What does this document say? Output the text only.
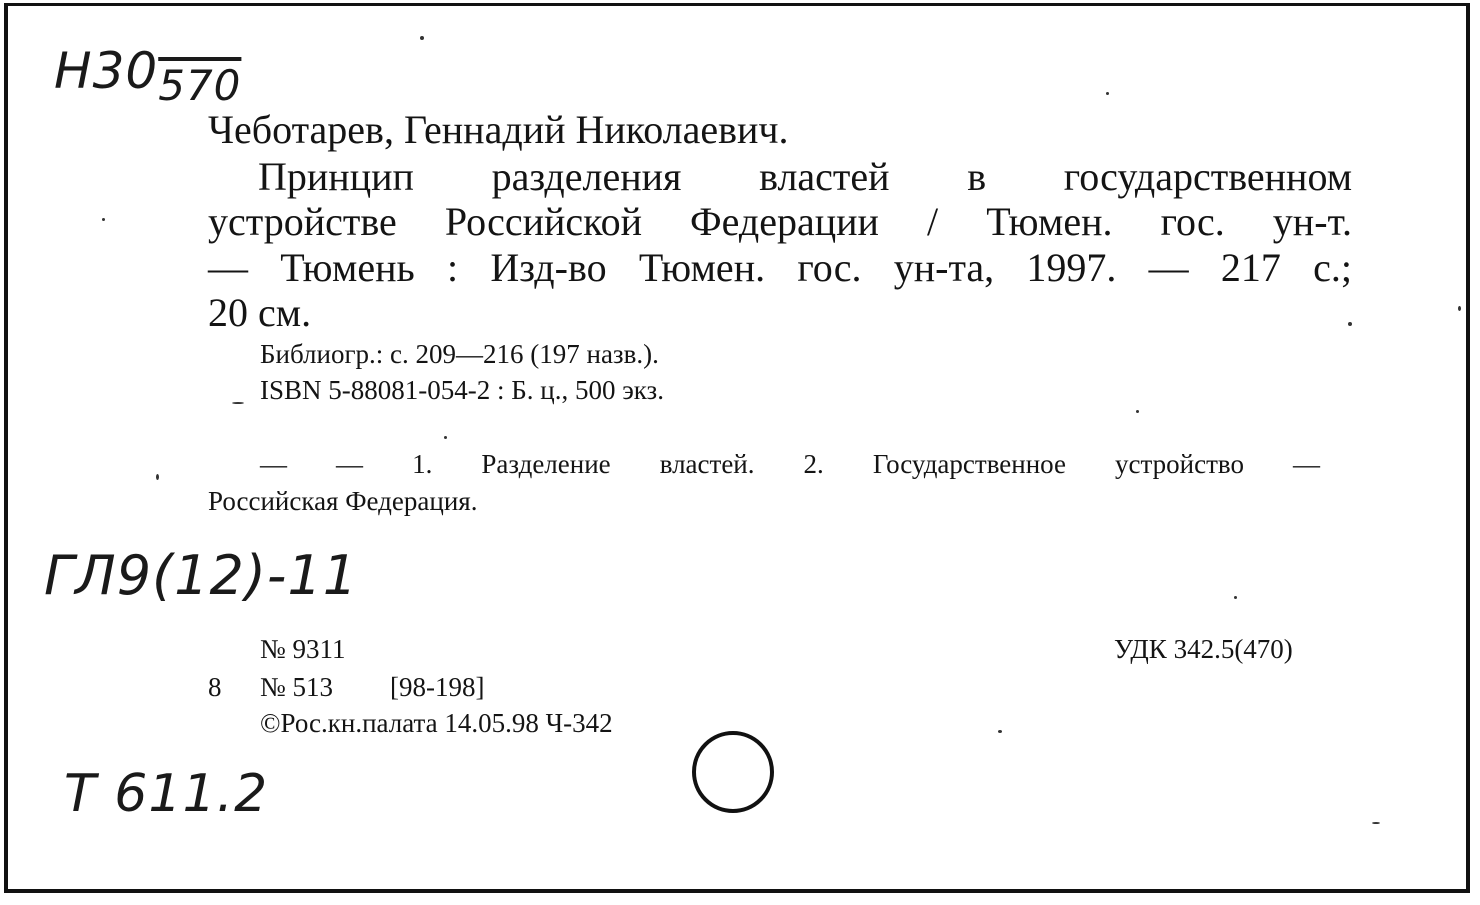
$H30_{570}$
Чеботарев, Геннадий Николаевич.
Принцип разделения властей в государственном
устройстве Российской Федерации / Тюмен. гос. ун-т.
— Тюмень : Изд-во Тюмен. гос. ун-та, 1997. — 217 с.;
20 см.
Библиогр.: с. 209—216 (197 назв.).
ISBN 5-88081-054-2 : Б. ц., 500 экз.
— — 1. Разделение властей. 2. Государственное устройство —
Российская Федерация.
ГЛ9(12)-11
№ 9311	УДК 342.5(470)
8 № 513 [98-198]
©Рос.кн.палата 14.05.98 Ч-342
Т 611.2
